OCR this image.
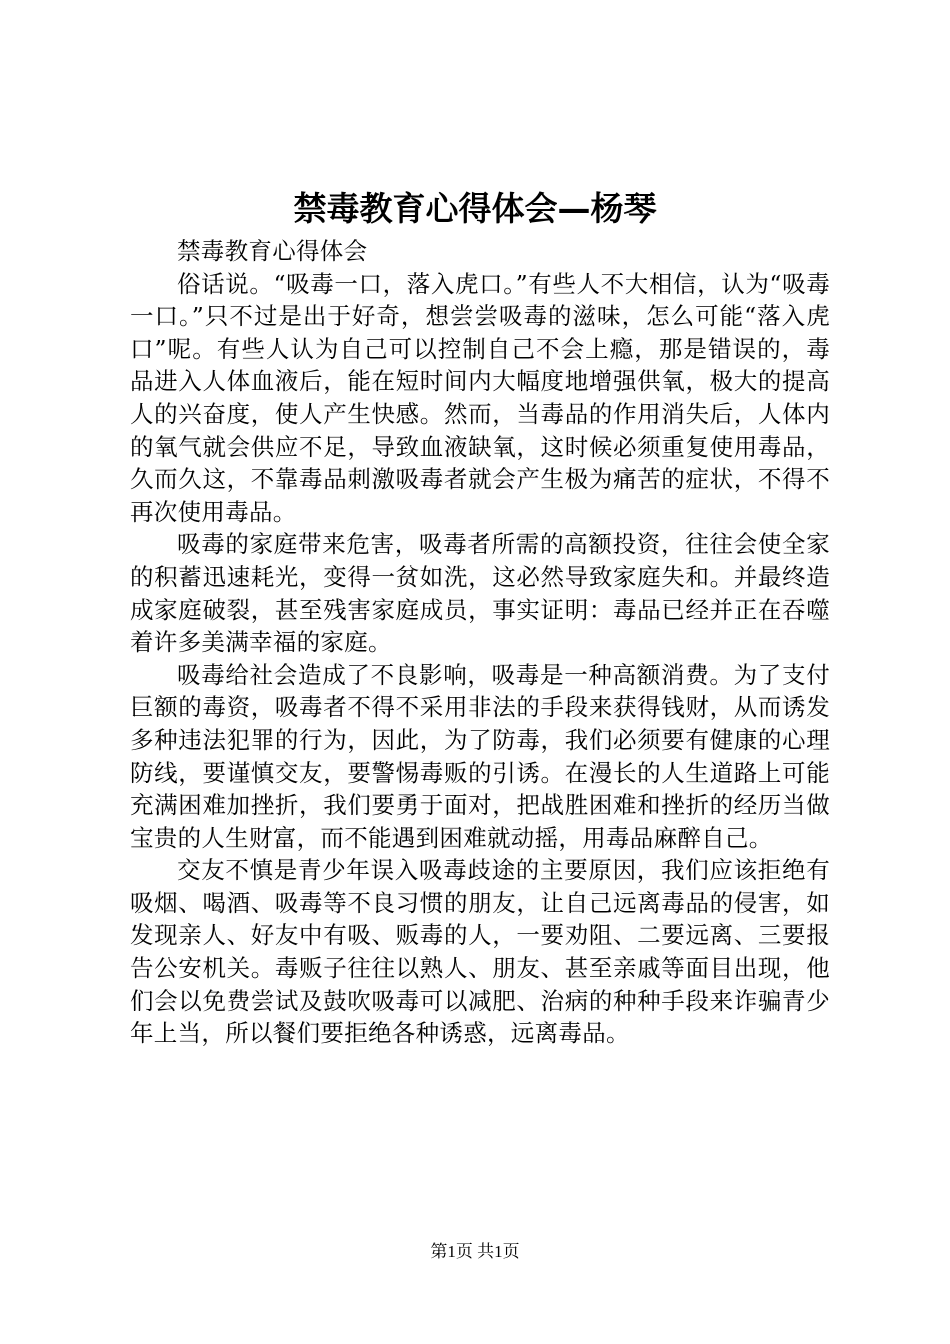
禁毒教育心得体会—杨琴

禁毒教育心得体会

俗话说。“吸毒一口，落入虎口。”有些人不大相信，认为“吸毒一口。”只不过是出于好奇，想尝尝吸毒的滋味，怎么可能“落入虎口”呢。有些人认为自己可以控制自己不会上瘾，那是错误的，毒品进入人体血液后，能在短时间内大幅度地增强供氧，极大的提高人的兴奋度，使人产生快感。然而，当毒品的作用消失后，人体内的氧气就会供应不足，导致血液缺氧，这时候必须重复使用毒品，久而久这，不靠毒品刺激吸毒者就会产生极为痛苦的症状，不得不再次使用毒品。

吸毒的家庭带来危害，吸毒者所需的高额投资，往往会使全家的积蓄迅速耗光，变得一贫如洗，这必然导致家庭失和。并最终造成家庭破裂，甚至残害家庭成员，事实证明：毒品已经并正在吞噬着许多美满幸福的家庭。

吸毒给社会造成了不良影响，吸毒是一种高额消费。为了支付巨额的毒资，吸毒者不得不采用非法的手段来获得钱财，从而诱发多种违法犯罪的行为，因此，为了防毒，我们必须要有健康的心理防线，要谨慎交友，要警惕毒贩的引诱。在漫长的人生道路上可能充满困难加挫折，我们要勇于面对，把战胜困难和挫折的经历当做宝贵的人生财富，而不能遇到困难就动摇，用毒品麻醉自己。

交友不慎是青少年误入吸毒歧途的主要原因，我们应该拒绝有吸烟、喝酒、吸毒等不良习惯的朋友，让自己远离毒品的侵害，如发现亲人、好友中有吸、贩毒的人，一要劝阻、二要远离、三要报告公安机关。毒贩子往往以熟人、朋友、甚至亲戚等面目出现，他们会以免费尝试及鼓吹吸毒可以减肥、治病的种种手段来诈骗青少年上当，所以餐们要拒绝各种诱惑，远离毒品。

第1页 共1页
